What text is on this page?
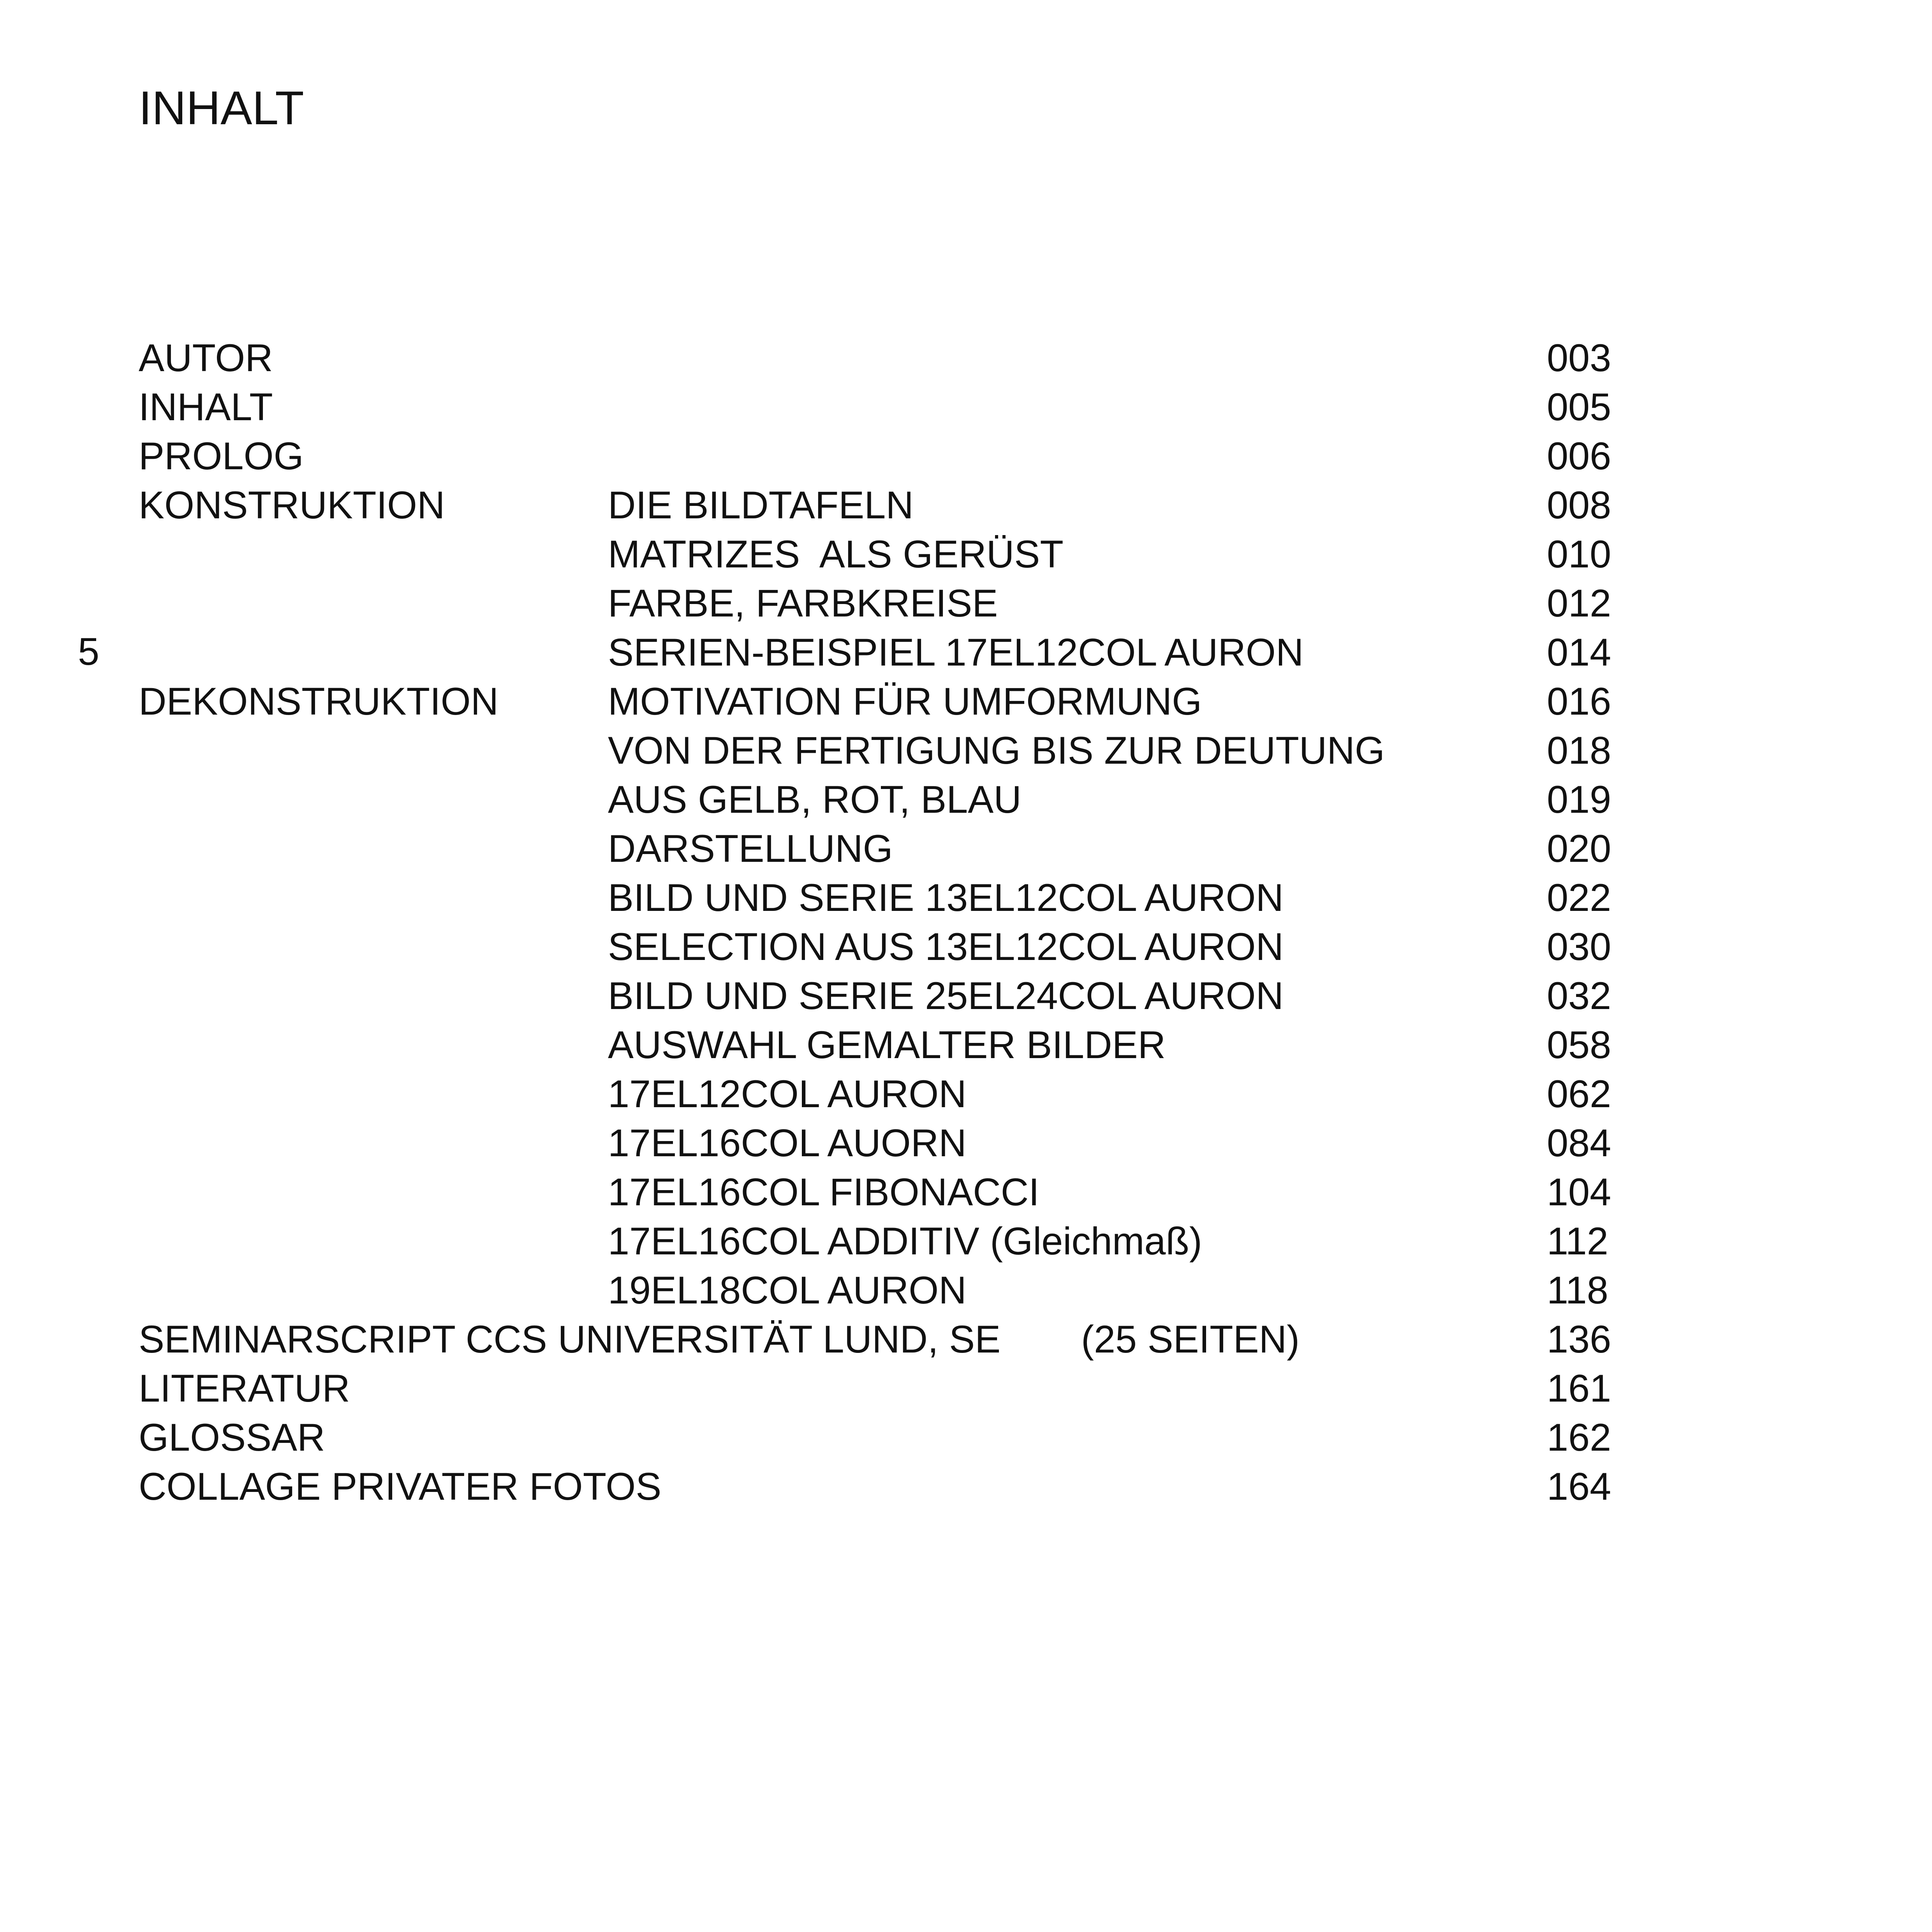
INHALT
5
AUTOR	003
INHALT	005
PROLOG	006
KONSTRUKTION	DIE BILDTAFELN	008
MATRIZES  ALS GERÜST	010
FARBE, FARBKREISE	012
SERIEN-BEISPIEL 17EL12COL AURON	014
DEKONSTRUKTION	MOTIVATION FÜR UMFORMUNG	016
VON DER FERTIGUNG BIS ZUR DEUTUNG	018
AUS GELB, ROT, BLAU	019
DARSTELLUNG	020
BILD UND SERIE 13EL12COL AURON	022
SELECTION AUS 13EL12COL AURON	030
BILD UND SERIE 25EL24COL AURON	032
AUSWAHL GEMALTER BILDER	058
17EL12COL AURON	062
17EL16COL AUORN	084
17EL16COL FIBONACCI	104
17EL16COL ADDITIV (Gleichmaß)	112
19EL18COL AURON	118
SEMINARSCRIPT CCS UNIVERSITÄT LUND, SE (25 SEITEN)	136
LITERATUR	161
GLOSSAR	162
COLLAGE PRIVATER FOTOS	164
